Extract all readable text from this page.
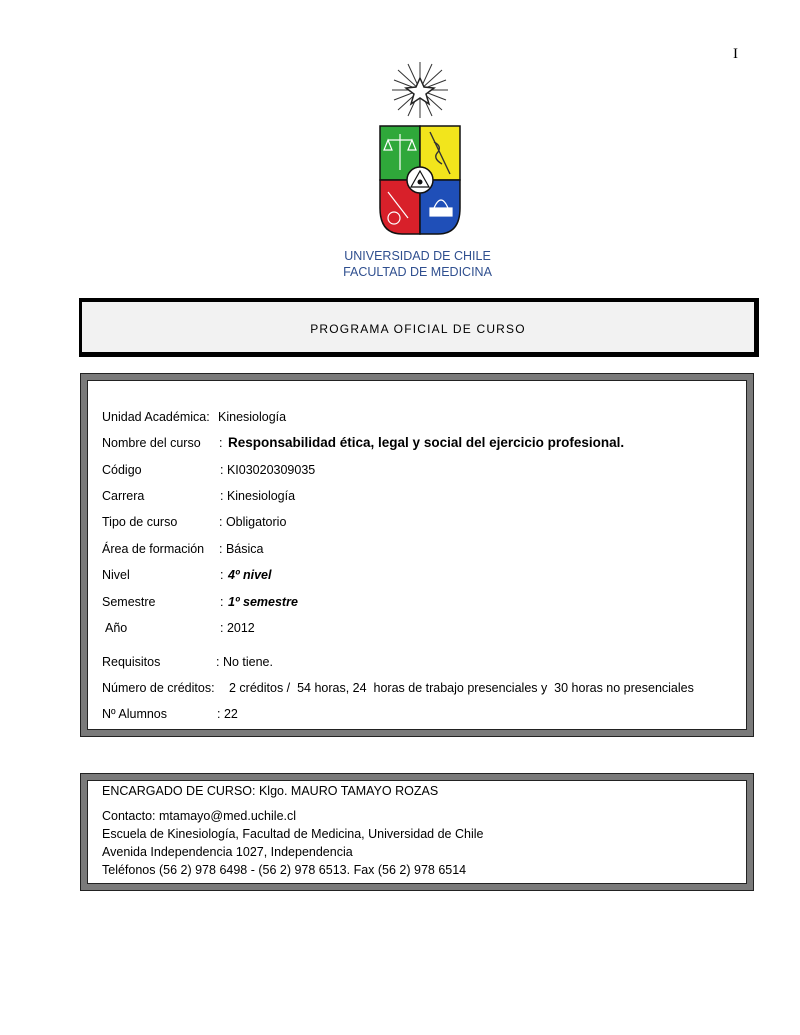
I
UNIVERSIDAD DE CHILE
FACULTAD DE MEDICINA
PROGRAMA OFICIAL DE CURSO
Unidad Académica: Kinesiología
Nombre del curso : Responsabilidad ética, legal y social del ejercicio profesional.
Código	: KI03020309035
Carrera	: Kinesiología
Tipo de curso	: Obligatorio
Área de formación : Básica
Nivel	: 4º nivel
Semestre	: 1º semestre
Año	: 2012
Requisitos	: No tiene.
Número de créditos: 2 créditos /  54 horas, 24  horas de trabajo presenciales y  30 horas no presenciales
Nº Alumnos	: 22
ENCARGADO DE CURSO: Klgo. MAURO TAMAYO ROZAS
Contacto: mtamayo@med.uchile.cl
Escuela de Kinesiología, Facultad de Medicina, Universidad de Chile
Avenida Independencia 1027, Independencia
Teléfonos (56 2) 978 6498 - (56 2) 978 6513. Fax (56 2) 978 6514
